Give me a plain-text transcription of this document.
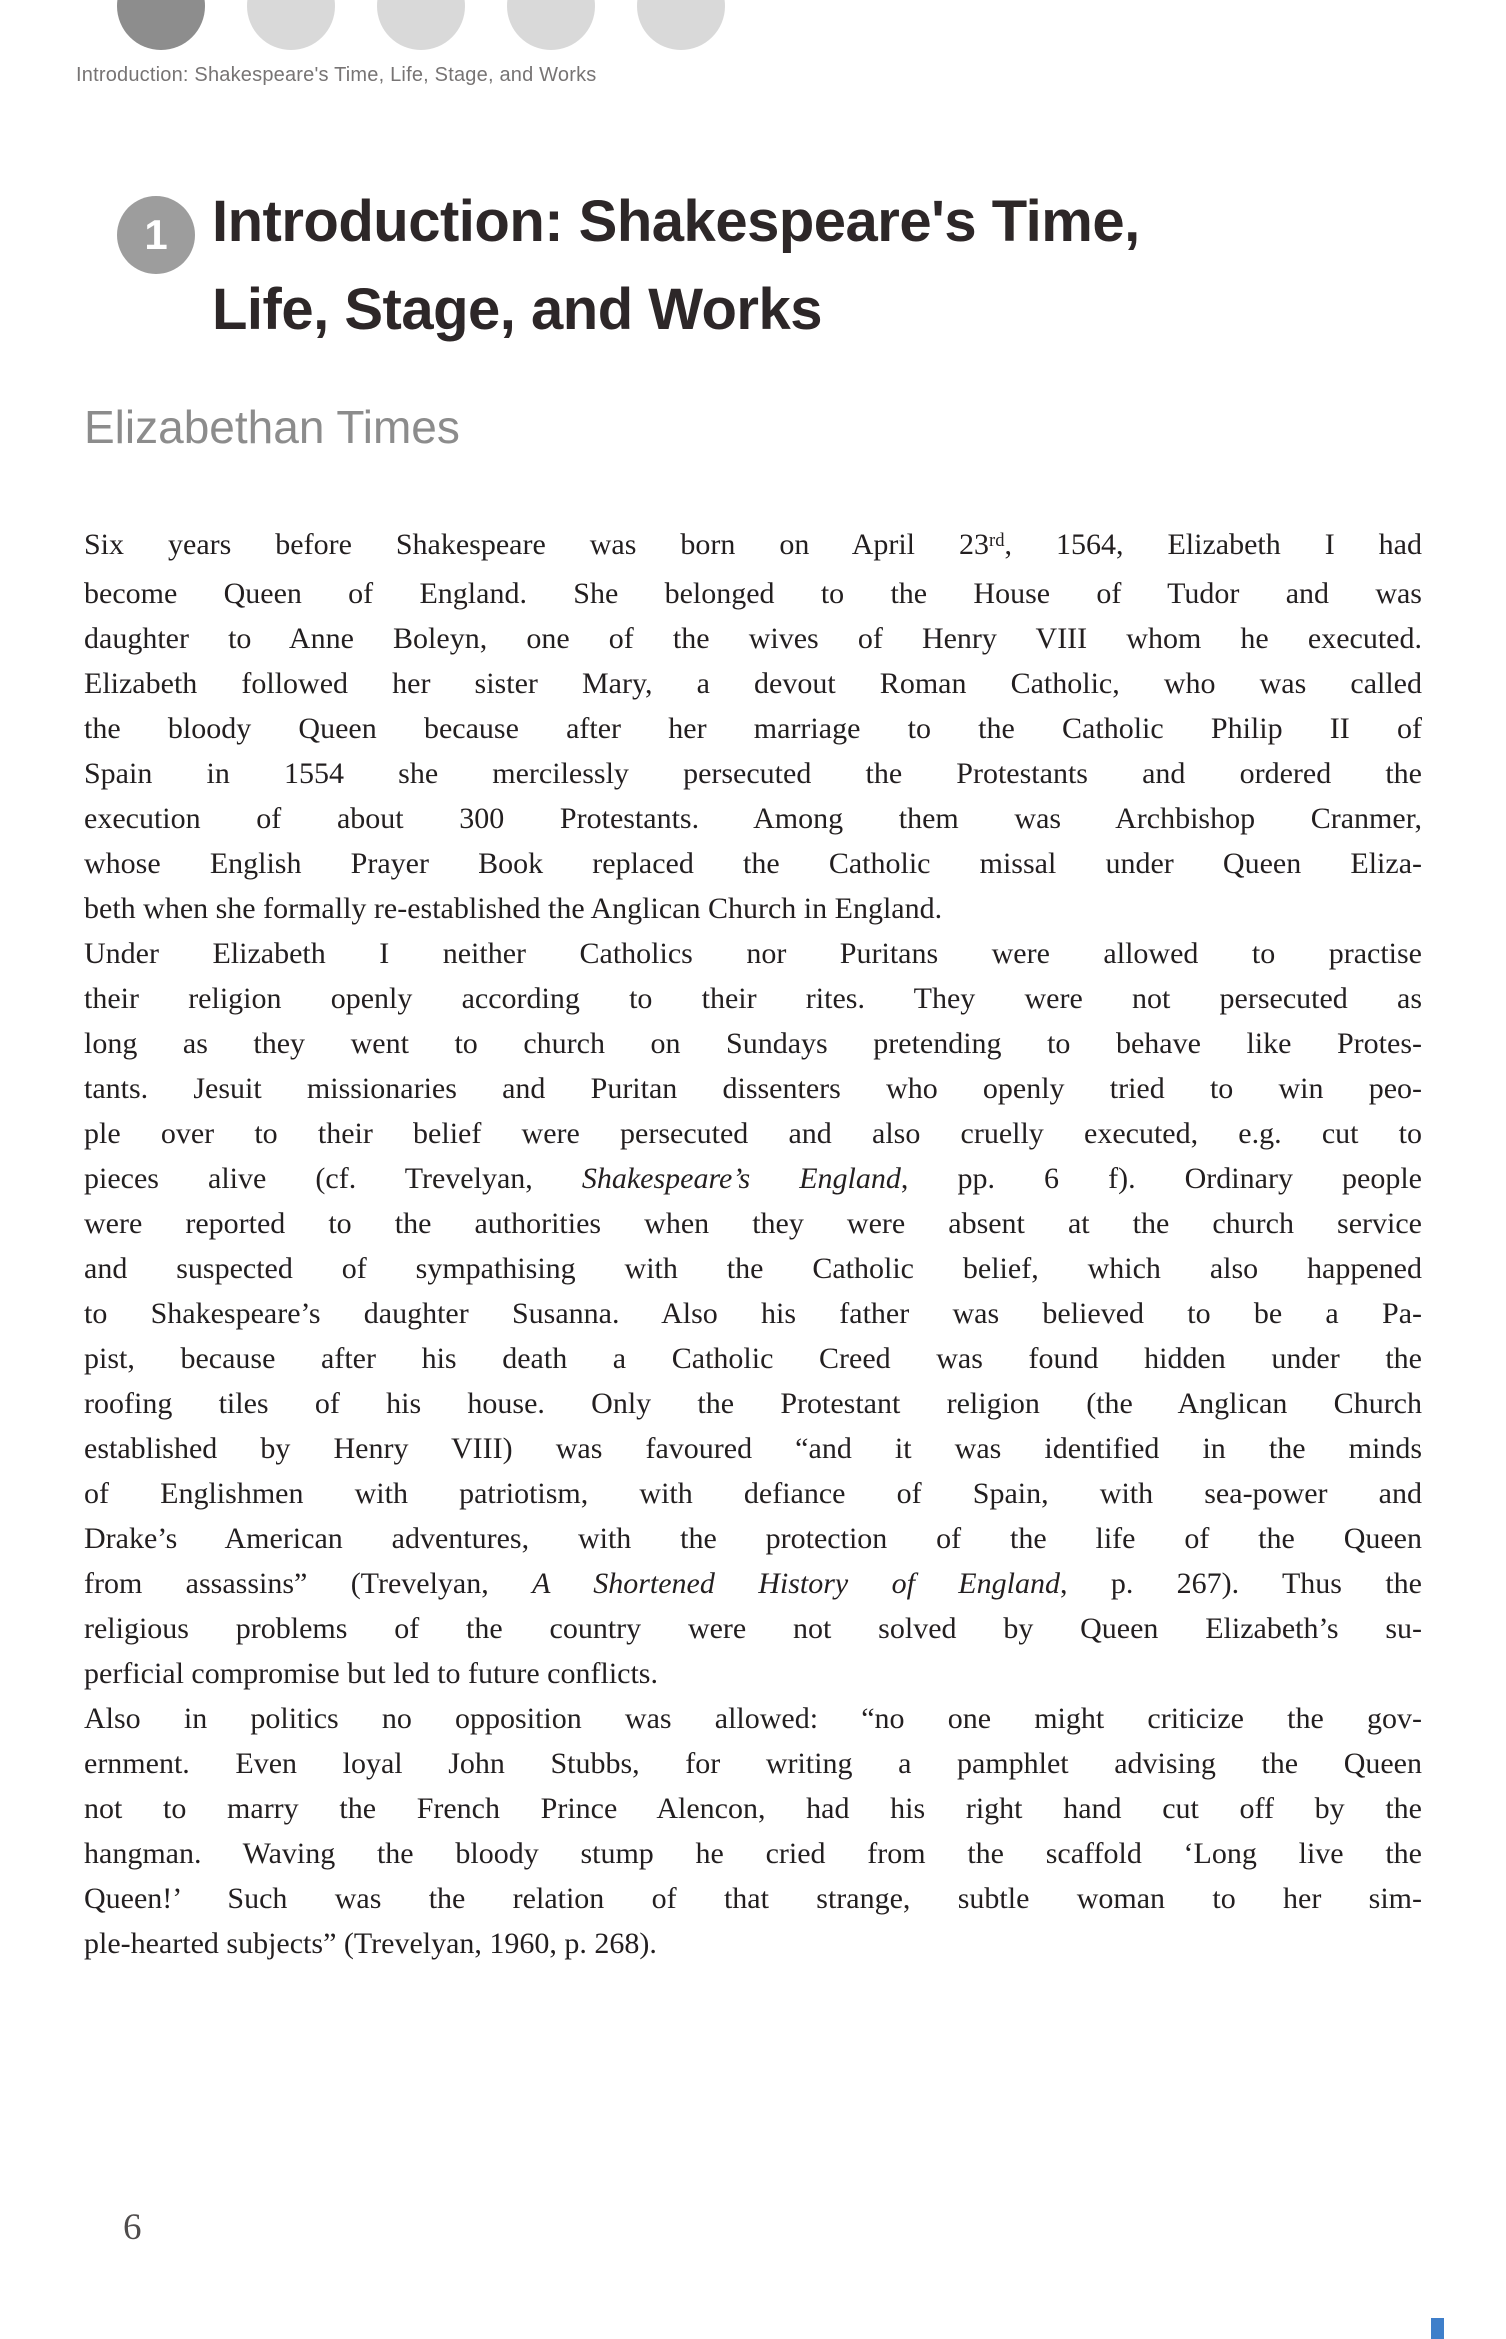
Introduction: Shakespeare's Time, Life, Stage, and Works
1 Introduction: Shakespeare's Time,
Life, Stage, and Works
Elizabethan Times
Six years before Shakespeare was born on April 23rd, 1564, Elizabeth I had
become Queen of England. She belonged to the House of Tudor and was
daughter to Anne Boleyn, one of the wives of Henry VIII whom he executed.
Elizabeth followed her sister Mary, a devout Roman Catholic, who was called
the bloody Queen because after her marriage to the Catholic Philip II of
Spain in 1554 she mercilessly persecuted the Protestants and ordered the
execution of about 300 Protestants. Among them was Archbishop Cranmer,
whose English Prayer Book replaced the Catholic missal under Queen Eliza-
beth when she formally re-established the Anglican Church in England.
Under Elizabeth I neither Catholics nor Puritans were allowed to practise
their religion openly according to their rites. They were not persecuted as
long as they went to church on Sundays pretending to behave like Protes-
tants. Jesuit missionaries and Puritan dissenters who openly tried to win peo-
ple over to their belief were persecuted and also cruelly executed, e.g. cut to
pieces alive (cf. Trevelyan, Shakespeare’s England, pp. 6 f). Ordinary people
were reported to the authorities when they were absent at the church service
and suspected of sympathising with the Catholic belief, which also happened
to Shakespeare’s daughter Susanna. Also his father was believed to be a Pa-
pist, because after his death a Catholic Creed was found hidden under the
roofing tiles of his house. Only the Protestant religion (the Anglican Church
established by Henry VIII) was favoured “and it was identified in the minds
of Englishmen with patriotism, with defiance of Spain, with sea-power and
Drake’s American adventures, with the protection of the life of the Queen
from assassins” (Trevelyan, A Shortened History of England, p. 267). Thus the
religious problems of the country were not solved by Queen Elizabeth’s su-
perficial compromise but led to future conflicts.
Also in politics no opposition was allowed: “no one might criticize the gov-
ernment. Even loyal John Stubbs, for writing a pamphlet advising the Queen
not to marry the French Prince Alencon, had his right hand cut off by the
hangman. Waving the bloody stump he cried from the scaffold ‘Long live the
Queen!’ Such was the relation of that strange, subtle woman to her sim-
ple-hearted subjects” (Trevelyan, 1960, p. 268).
6
